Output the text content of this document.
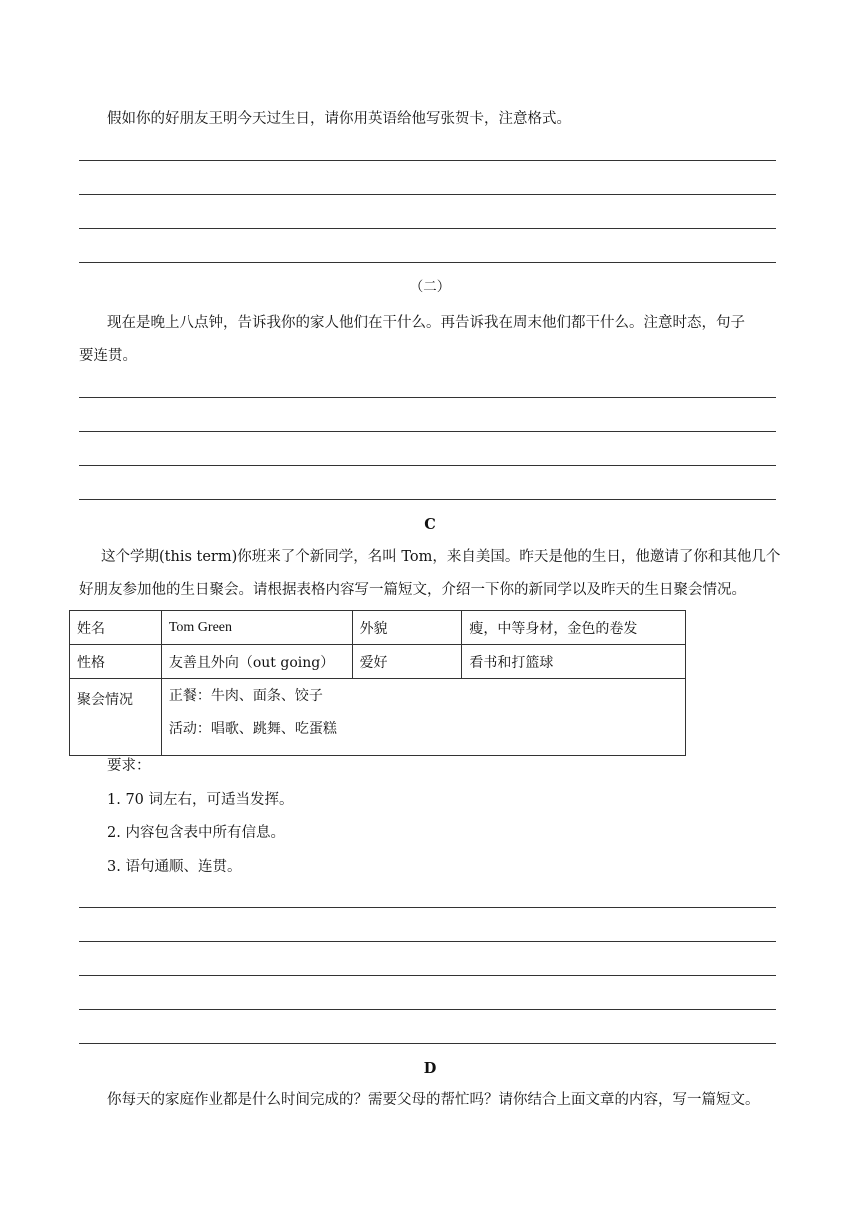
假如你的好朋友王明今天过生日，请你用英语给他写张贺卡，注意格式。
（二）
现在是晚上八点钟，告诉我你的家人他们在干什么。再告诉我在周末他们都干什么。注意时态，句子
要连贯。
C
这个学期(this term)你班来了个新同学，名叫 Tom，来自美国。昨天是他的生日，他邀请了你和其他几个
好朋友参加他的生日聚会。请根据表格内容写一篇短文，介绍一下你的新同学以及昨天的生日聚会情况。
姓名	Tom Green	外貌	瘦，中等身材，金色的卷发
性格	友善且外向（out going）	爱好	看书和打篮球
聚会情况	正餐：牛肉、面条、饺子
活动：唱歌、跳舞、吃蛋糕		
要求：
1. 70 词左右，可适当发挥。
2. 内容包含表中所有信息。
3. 语句通顺、连贯。
D
你每天的家庭作业都是什么时间完成的？需要父母的帮忙吗？请你结合上面文章的内容，写一篇短文。
